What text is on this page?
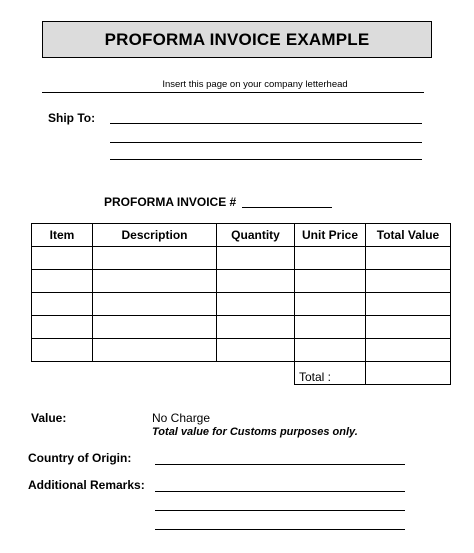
PROFORMA INVOICE EXAMPLE
Insert this page on your company letterhead
Ship To:
PROFORMA INVOICE #
Item	Description	Quantity	Unit Price	Total Value

			Total :	
Value:	No Charge
Total value for Customs purposes only.
Country of Origin:
Additional Remarks:
